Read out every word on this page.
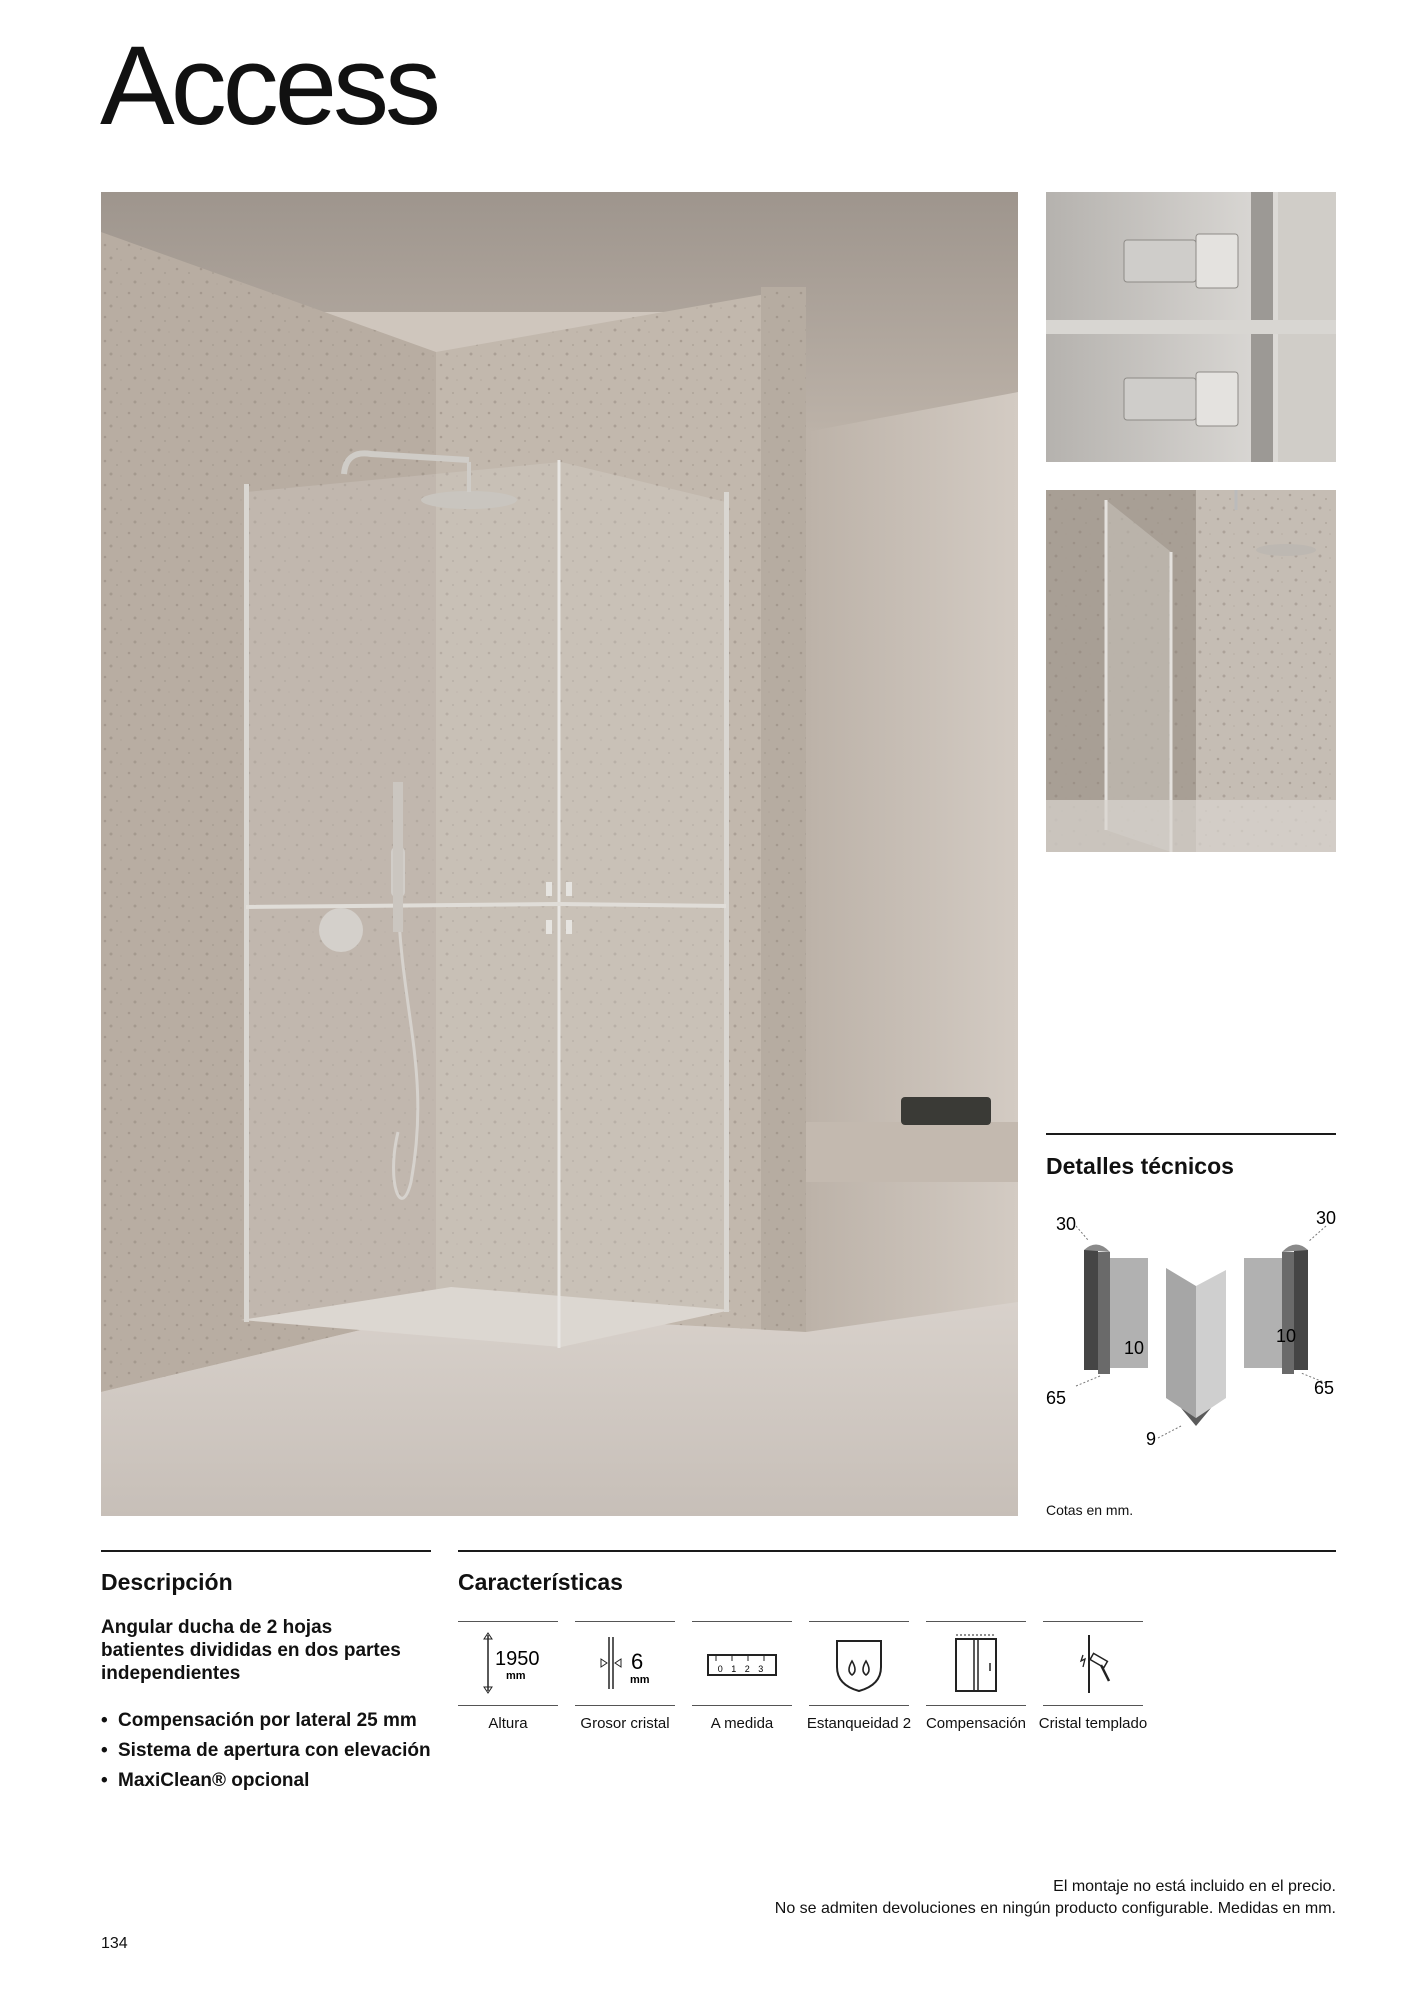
Access
Detalles técnicos
30	30
10
10
65	65
9
Cotas en mm.
Descripción
Angular ducha de 2 hojas batientes divididas en dos partes independientes
• Compensación por lateral 25 mm
• Sistema de apertura con elevación
• MaxiClean® opcional
Características
1950
mm
Altura
6
mm
Grosor cristal
0 1 2 3
A medida	Estanqueidad 2 Compensación Cristal templado
El montaje no está incluido en el precio.
No se admiten devoluciones en ningún producto configurable. Medidas en mm.
134
